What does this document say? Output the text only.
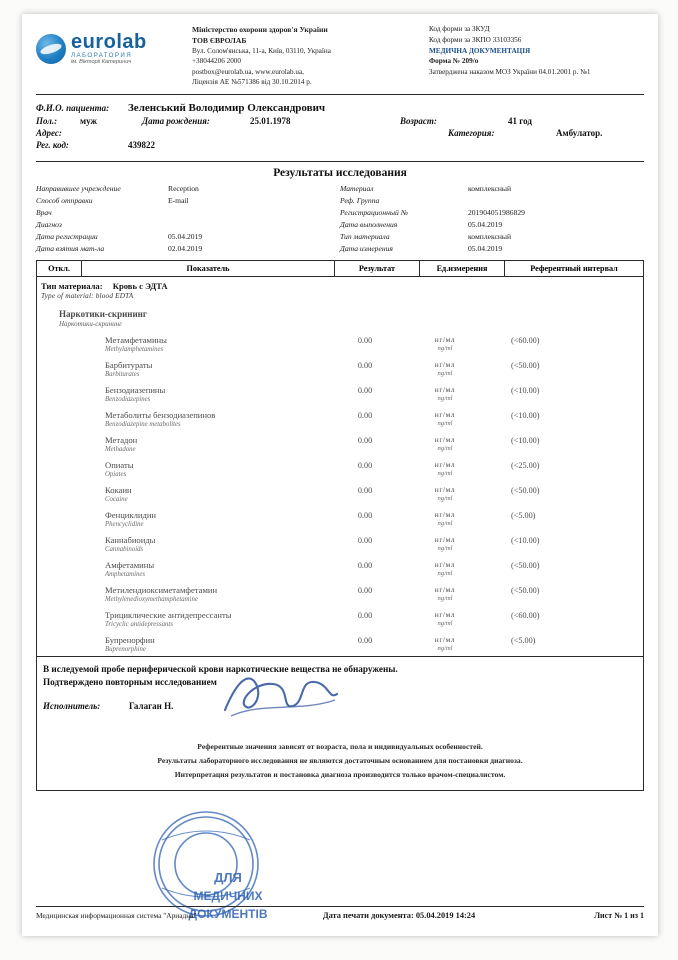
eurolab
ЛАБОРАТОРИЯ
ім. Вікторіі Катеринич
Міністерство охорони здоров'я України
ТОВ ЄВРОЛАБ
Вул. Солом'янська, 11-а, Київ, 03110, Україна
+38044206 2000
postbox@eurolab.ua, www.eurolab.ua,
Ліцензія АЕ №571386 від 30.10.2014 р.
Код форми за ЗКУД
Код форми за ЗКПО 33103356
МЕДИЧНА ДОКУМЕНТАЦІЯ
Форма № 209/о
Затверджена наказом МОЗ України 04.01.2001 р. №1
Ф.И.О. пациента:	Зеленський Володимир Олександрович
Пол.:	муж	Дата рождения:	25.01.1978	Возраст:	41 год
Адрес:	Категория:	Амбулатор.
Рег. код:	439822
Результаты исследования
Направившее учреждение	Reception
Способ отправки	E-mail
Врач
Диагноз
Дата регистрации	05.04.2019
Дата взятия мат-ла	02.04.2019
Материал	комплексный
Реф. Группа
Регистрационный №	201904051986829
Дата выполнения	05.04.2019
Тип материала	комплексный
Дата измерения	05.04.2019
Откл.	Показатель	Результат	Ед.измерения	Референтный интервал
Тип материала: Кровь с ЭДТА
Type of material: blood EDTA
Наркотики-скрининг
Наркотики-скрининг
Метамфетамины
Methylamphetamines
0.00	нг/мл
ng/ml
(<60.00)
Барбитураты
Barbiturates
0.00	нг/мл
ng/ml
(<50.00)
Бензодиазепины
Benzodiazepines
0.00	нг/мл
ng/ml
(<10.00)
Метаболиты бензодиазепинов
Benzodiazepine metabolites
0.00	нг/мл
ng/ml
(<10.00)
Метадон
Methadone
0.00	нг/мл
ng/ml
(<10.00)
Опиаты
Opiates
0.00	нг/мл
ng/ml
(<25.00)
Кокаин
Cocaine
0.00	нг/мл
ng/ml
(<50.00)
Фенциклидин
Phencyclidine
0.00	нг/мл
ng/ml
(<5.00)
Каннабиоиды
Cannabinoids
0.00	нг/мл
ng/ml
(<10.00)
Амфетамины
Amphetamines
0.00	нг/мл
ng/ml
(<50.00)
Метилендиоксиметамфетамин
Methylenedioxymethamphetamine
0.00	нг/мл
ng/ml
(<50.00)
Трициклические антидепрессанты
Tricyclic antidepressants
0.00	нг/мл
ng/ml
(<60.00)
Бупренорфин
Buprenorphine
0.00	нг/мл
ng/ml
(<5.00)
В иследуемой пробе периферической крови наркотические вещества не обнаружены.
Подтверждено повторным исследованием
Исполнитель:	Галаган Н.
Референтные значения зависят от возраста, пола и индивидуальных особенностей.
Результаты лабораторного исследования не являются достаточным основанием для постановки диагноза.
Интерпретация результатов и постановка диагноза производится только врачом-специалистом.
ДЛЯ
МЕДИЧНИХ
ДОКУМЕНТІВ
Медицинская информационная система "Ариадна"	Дата печати документа: 05.04.2019 14:24	Лист № 1 из 1
